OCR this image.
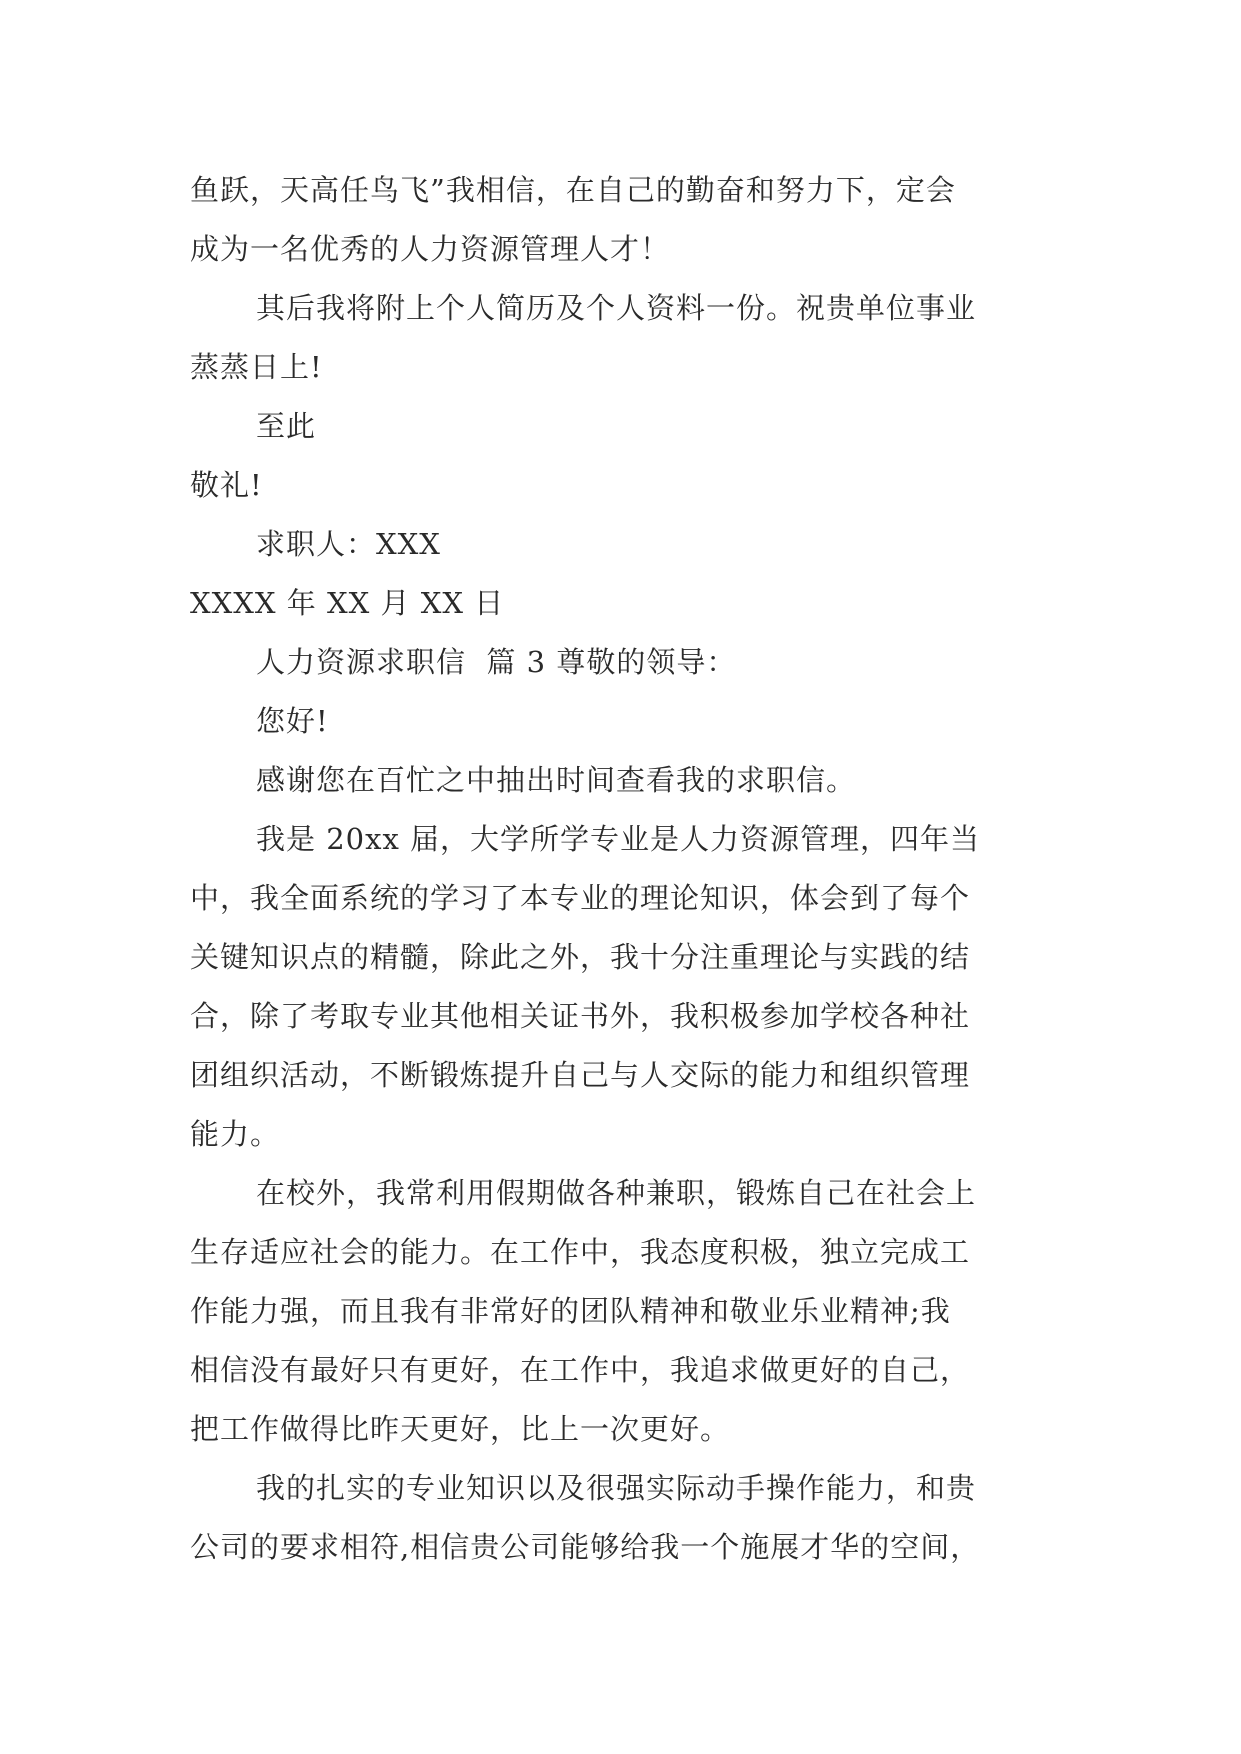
鱼跃，天高任鸟飞”我相信，在自己的勤奋和努力下，定会

成为一名优秀的人力资源管理人才！

其后我将附上个人简历及个人资料一份。祝贵单位事业

蒸蒸日上!

至此

敬礼!

求职人：XXX

XXXX 年 XX 月 XX 日

人力资源求职信  篇 3 尊敬的领导：

您好!

感谢您在百忙之中抽出时间查看我的求职信。

我是 20xx 届，大学所学专业是人力资源管理，四年当

中，我全面系统的学习了本专业的理论知识，体会到了每个

关键知识点的精髓，除此之外，我十分注重理论与实践的结

合，除了考取专业其他相关证书外，我积极参加学校各种社

团组织活动，不断锻炼提升自己与人交际的能力和组织管理

能力。

在校外，我常利用假期做各种兼职，锻炼自己在社会上

生存适应社会的能力。在工作中，我态度积极，独立完成工

作能力强，而且我有非常好的团队精神和敬业乐业精神;我

相信没有最好只有更好，在工作中，我追求做更好的自己，

把工作做得比昨天更好，比上一次更好。

我的扎实的专业知识以及很强实际动手操作能力，和贵

公司的要求相符,相信贵公司能够给我一个施展才华的空间，
